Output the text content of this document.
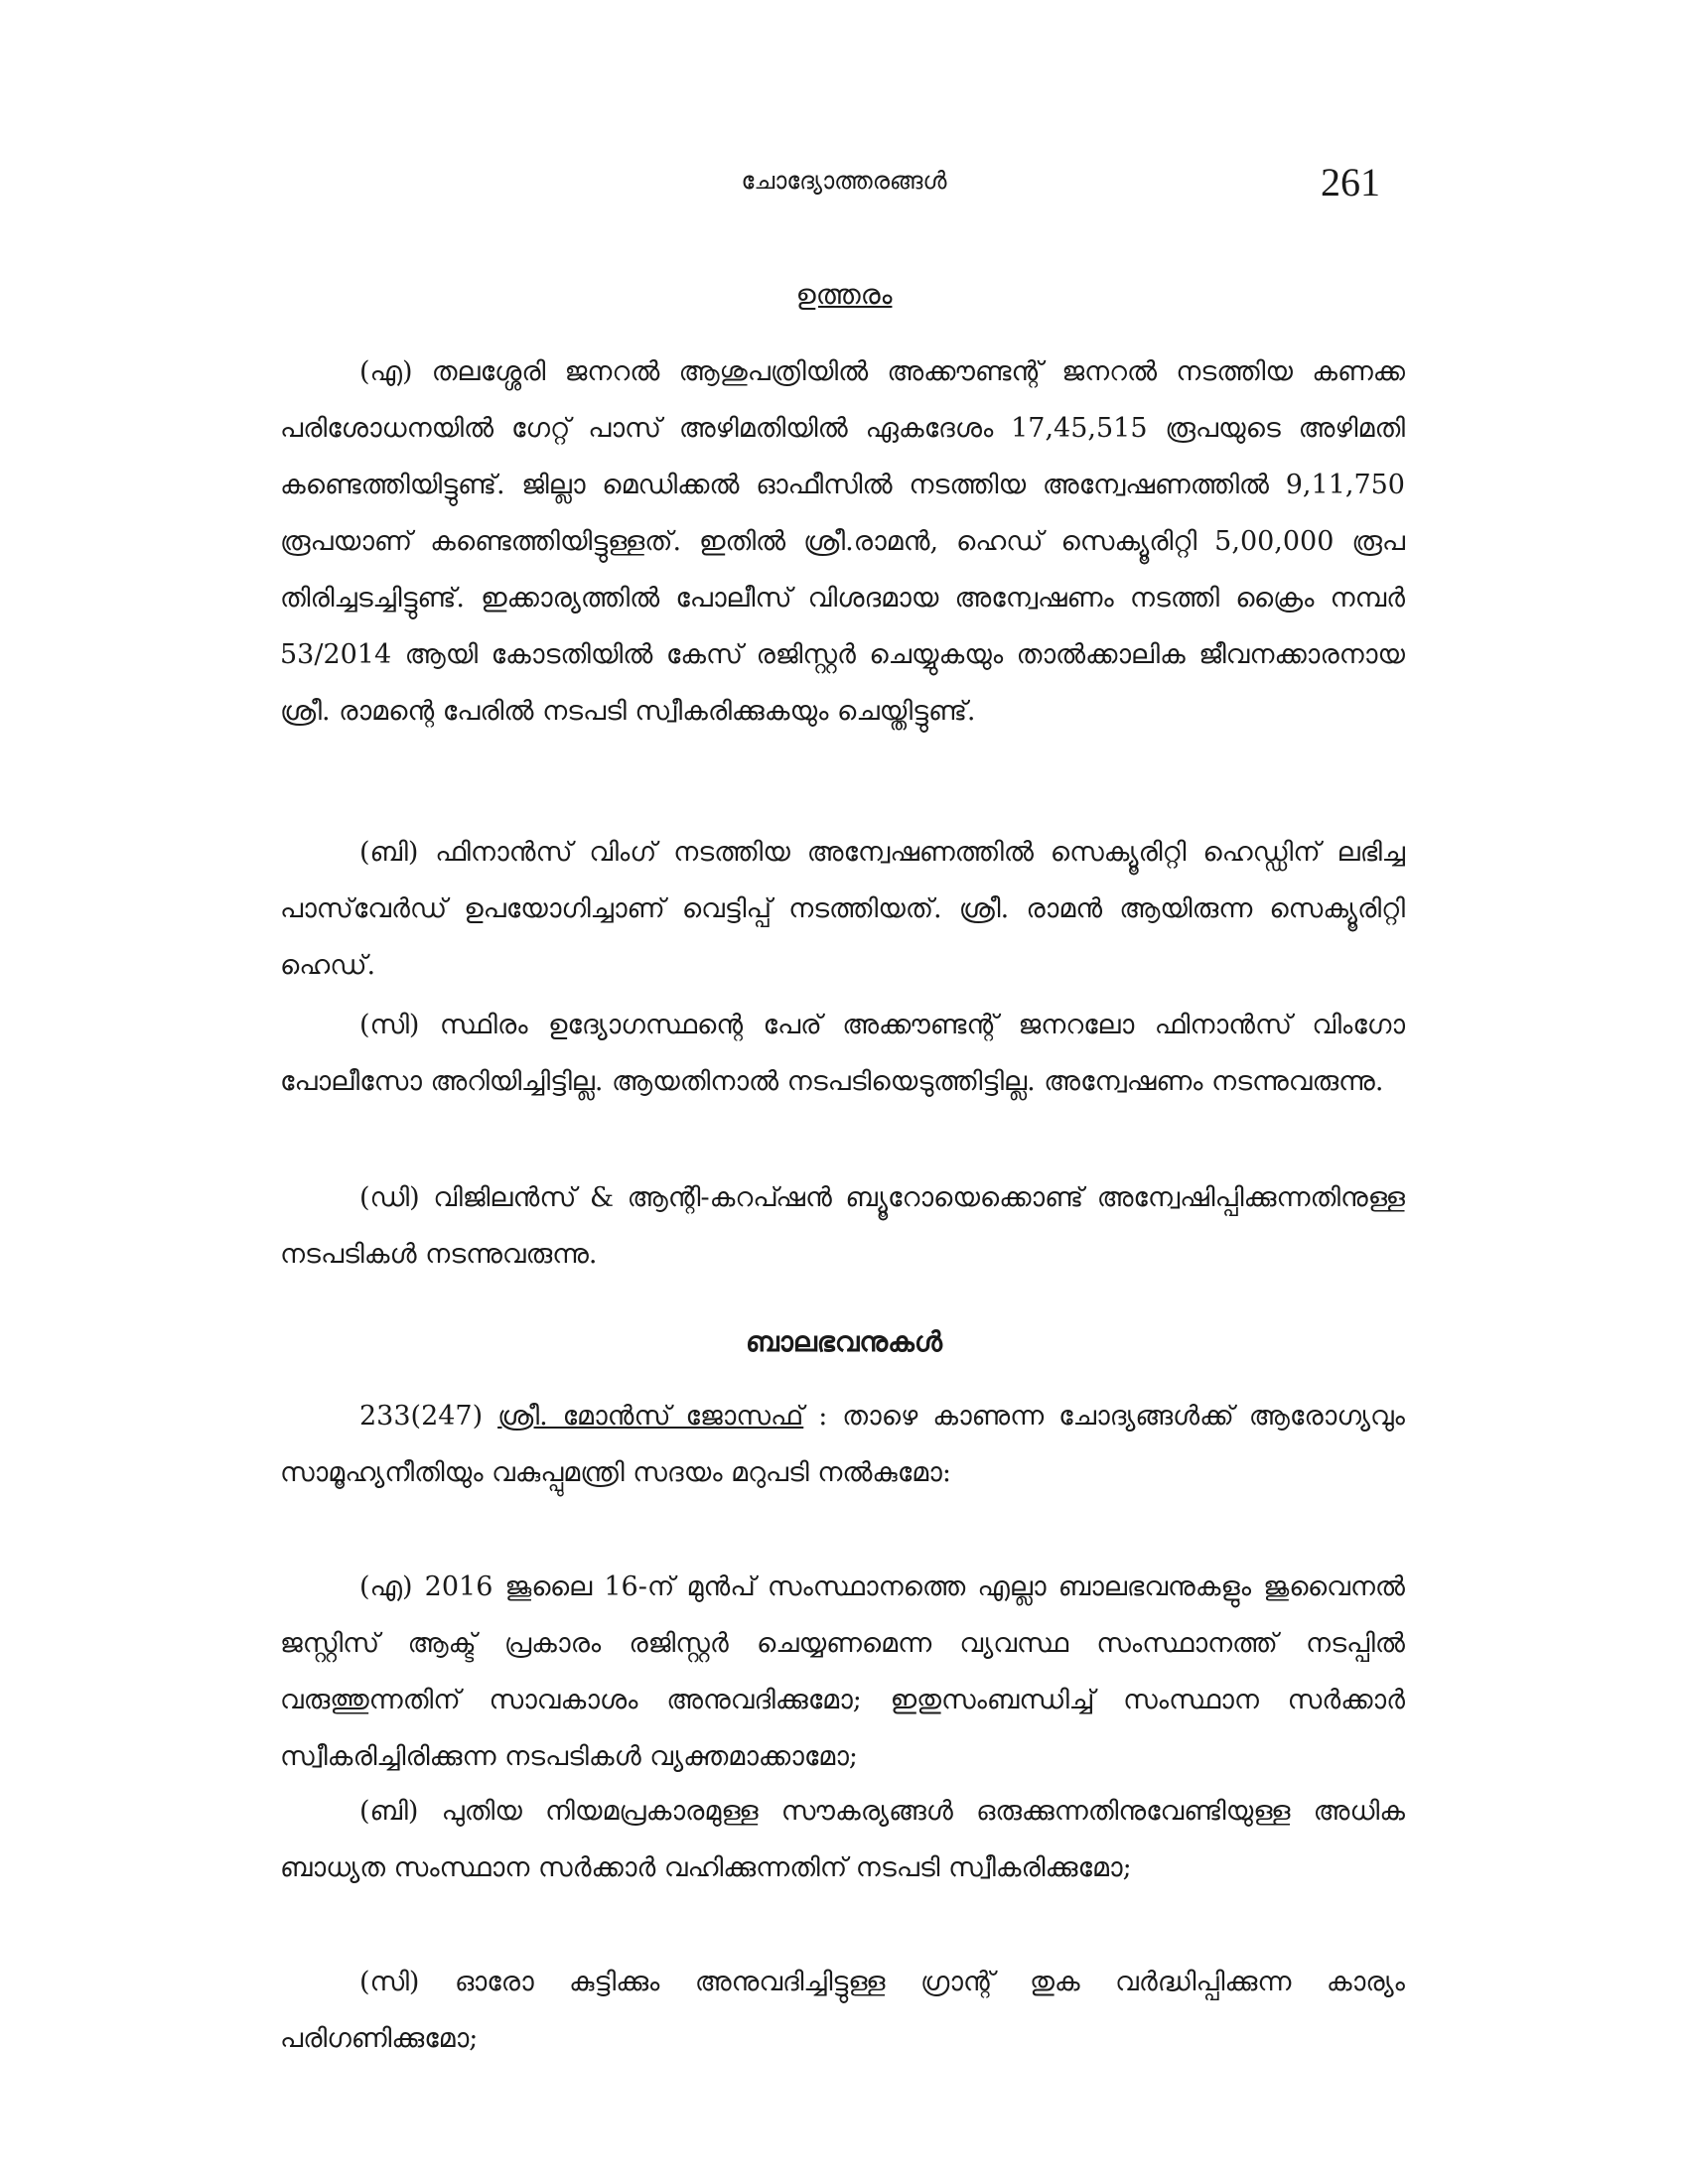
ചോദ്യോത്തരങ്ങൾ	261
ഉത്തരം

(എ) തലശ്ശേരി ജനറൽ ആശുപത്രിയിൽ അക്കൗണ്ടന്റ് ജനറൽ നടത്തിയ കണക്ക പരിശോധനയിൽ ഗേറ്റ് പാസ് അഴിമതിയിൽ ഏകദേശം 17,45,515 രൂപയുടെ അഴിമതി കണ്ടെത്തിയിട്ടുണ്ട്. ജില്ലാ മെഡിക്കൽ ഓഫീസിൽ നടത്തിയ അന്വേഷണത്തിൽ 9,11,750 രൂപയാണ് കണ്ടെത്തിയിട്ടുള്ളത്. ഇതിൽ ശ്രീ.രാമൻ, ഹെഡ് സെക്യൂരിറ്റി 5,00,000 രൂപ തിരിച്ചടച്ചിട്ടുണ്ട്. ഇക്കാര്യത്തിൽ പോലീസ് വിശദമായ അന്വേഷണം നടത്തി ക്രൈം നമ്പർ 53/2014 ആയി കോടതിയിൽ കേസ് രജിസ്റ്റർ ചെയ്യുകയും താൽക്കാലിക ജീവനക്കാരനായ ശ്രീ. രാമന്റെ പേരിൽ നടപടി സ്വീകരിക്കുകയും ചെയ്തിട്ടുണ്ട്.

(ബി) ഫിനാൻസ് വിംഗ് നടത്തിയ അന്വേഷണത്തിൽ സെക്യൂരിറ്റി ഹെഡ്ഡിന് ലഭിച്ച പാസ്‌വേർഡ് ഉപയോഗിച്ചാണ് വെട്ടിപ്പ് നടത്തിയത്. ശ്രീ. രാമൻ ആയിരുന്ന സെക്യൂരിറ്റി ഹെഡ്.

(സി) സ്ഥിരം ഉദ്യോഗസ്ഥന്റെ പേര് അക്കൗണ്ടന്റ് ജനറലോ ഫിനാൻസ് വിംഗോ പോലീസോ അറിയിച്ചിട്ടില്ല. ആയതിനാൽ നടപടിയെടുത്തിട്ടില്ല. അന്വേഷണം നടന്നുവരുന്നു.

(ഡി) വിജിലൻസ് & ആന്റി-കറപ്ഷൻ ബ്യൂറോയെക്കൊണ്ട് അന്വേഷിപ്പിക്കുന്നതിനുള്ള നടപടികൾ നടന്നുവരുന്നു.

ബാലഭവനുകൾ

233(247) ശ്രീ. മോൻസ് ജോസഫ് : താഴെ കാണുന്ന ചോദ്യങ്ങൾക്ക് ആരോഗ്യവും സാമൂഹ്യനീതിയും വകുപ്പുമന്ത്രി സദയം മറുപടി നൽകുമോ:

(എ) 2016 ജൂലൈ 16-ന് മുൻപ് സംസ്ഥാനത്തെ എല്ലാ ബാലഭവനുകളും ജുവൈനൽ ജസ്റ്റിസ് ആക്ട് പ്രകാരം രജിസ്റ്റർ ചെയ്യണമെന്ന വ്യവസ്ഥ സംസ്ഥാനത്ത് നടപ്പിൽ വരുത്തുന്നതിന് സാവകാശം അനുവദിക്കുമോ; ഇതുസംബന്ധിച്ച് സംസ്ഥാന സർക്കാർ സ്വീകരിച്ചിരിക്കുന്ന നടപടികൾ വ്യക്തമാക്കാമോ;

(ബി) പുതിയ നിയമപ്രകാരമുള്ള സൗകര്യങ്ങൾ ഒരുക്കുന്നതിനുവേണ്ടിയുള്ള അധിക ബാധ്യത സംസ്ഥാന സർക്കാർ വഹിക്കുന്നതിന് നടപടി സ്വീകരിക്കുമോ;

(സി) ഓരോ കുട്ടിക്കും അനുവദിച്ചിട്ടുള്ള ഗ്രാന്റ് തുക വർദ്ധിപ്പിക്കുന്ന കാര്യം പരിഗണിക്കുമോ;
